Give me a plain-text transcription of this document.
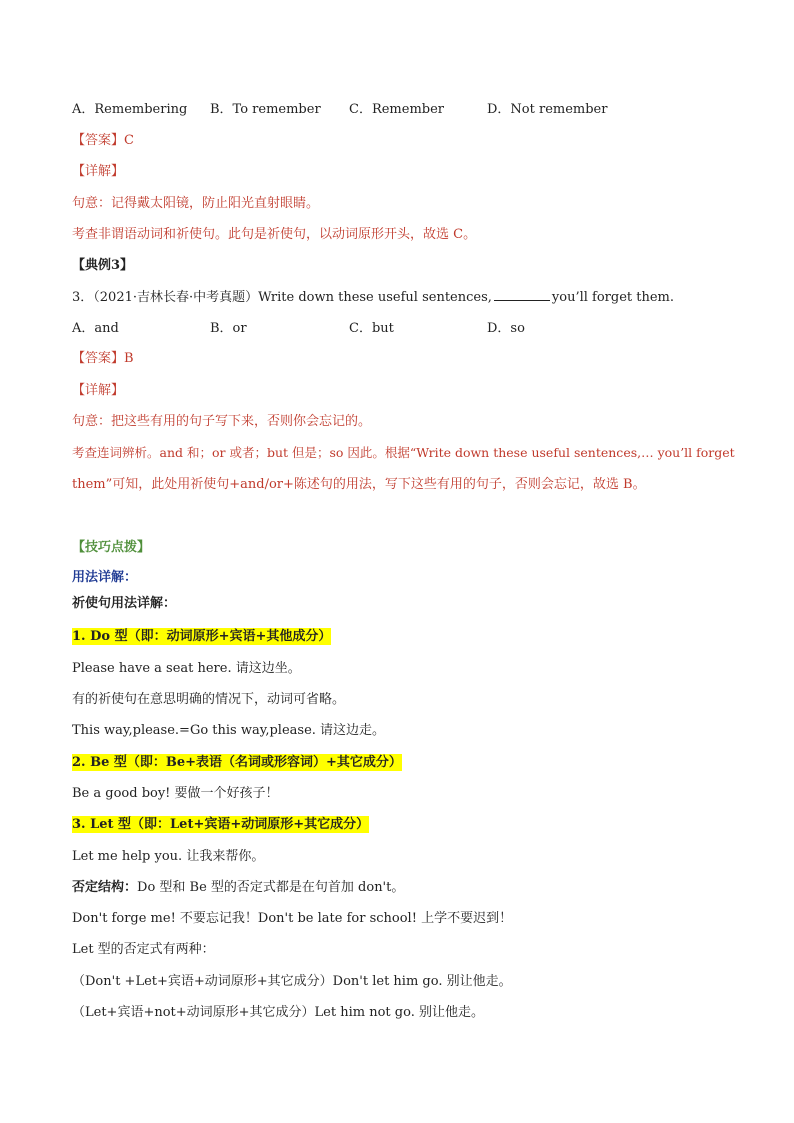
A．Remembering B．To remember C．Remember	D．Not remember
【答案】C
【详解】
句意：记得戴太阳镜，防止阳光直射眼睛。
考查非谓语动词和祈使句。此句是祈使句，以动词原形开头，故选 C。
【典例3】
3．（2021·吉林长春·中考真题）Write down these useful sentences,	you’ll forget them.
A．and	B．or	C．but	D．so
【答案】B
【详解】
句意：把这些有用的句子写下来，否则你会忘记的。
考查连词辨析。and 和；or 或者；but 但是；so 因此。根据“Write down these useful sentences,… you’ll forget
them”可知，此处用祈使句+and/or+陈述句的用法，写下这些有用的句子，否则会忘记，故选 B。
【技巧点拨】
用法详解：
祈使句用法详解：
1. Do 型（即：动词原形+宾语+其他成分）
Please have a seat here. 请这边坐。
有的祈使句在意思明确的情况下，动词可省略。
This way,please.=Go this way,please. 请这边走。
2. Be 型（即：Be+表语（名词或形容词）+其它成分）
Be a good boy! 要做一个好孩子！
3. Let 型（即：Let+宾语+动词原形+其它成分）
Let me help you. 让我来帮你。
否定结构：Do 型和 Be 型的否定式都是在句首加 don't。
Don't forge me! 不要忘记我！Don't be late for school! 上学不要迟到！
Let 型的否定式有两种：
（Don't +Let+宾语+动词原形+其它成分）Don't let him go. 别让他走。
（Let+宾语+not+动词原形+其它成分）Let him not go. 别让他走。
